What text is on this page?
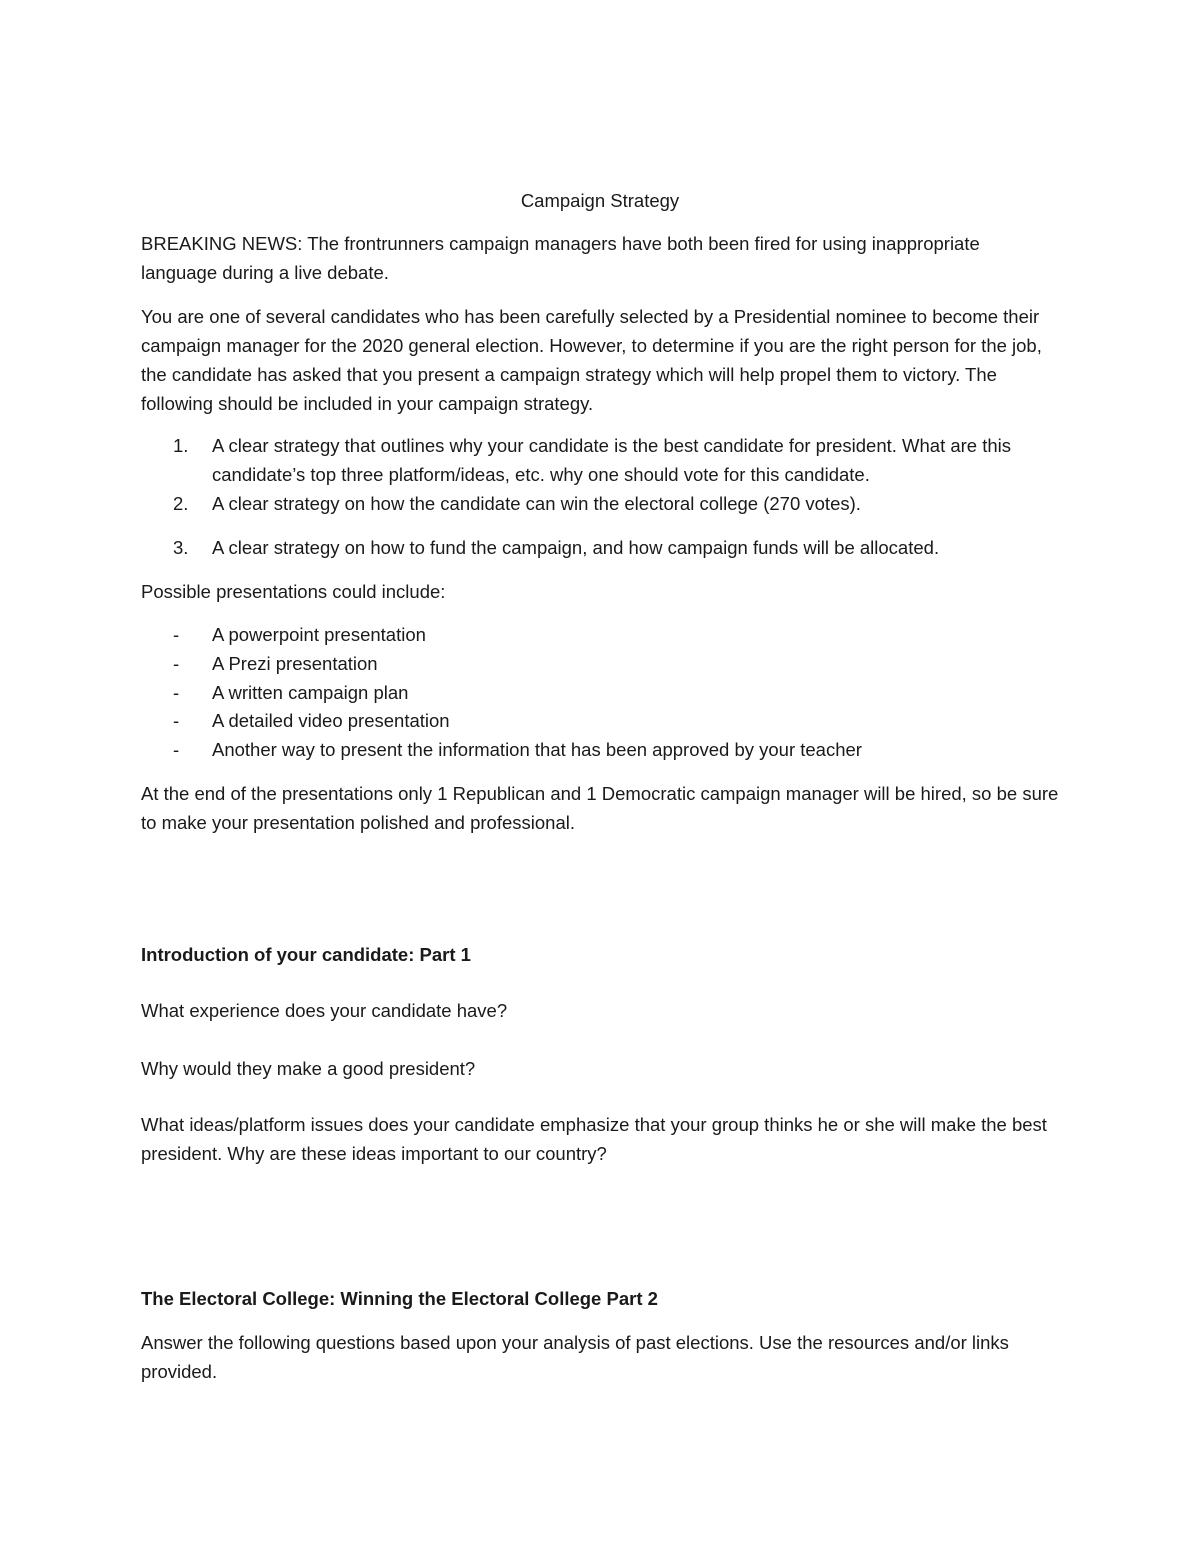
Campaign Strategy

BREAKING NEWS: The frontrunners campaign managers have both been fired for using inappropriate language during a live debate.

You are one of several candidates who has been carefully selected by a Presidential nominee to become their campaign manager for the 2020 general election. However, to determine if you are the right person for the job, the candidate has asked that you present a campaign strategy which will help propel them to victory. The following should be included in your campaign strategy.

1. A clear strategy that outlines why your candidate is the best candidate for president. What are this candidate’s top three platform/ideas, etc. why one should vote for this candidate.
2. A clear strategy on how the candidate can win the electoral college (270 votes).
3. A clear strategy on how to fund the campaign, and how campaign funds will be allocated.

Possible presentations could include:

- A powerpoint presentation
- A Prezi presentation
- A written campaign plan
- A detailed video presentation
- Another way to present the information that has been approved by your teacher

At the end of the presentations only 1 Republican and 1 Democratic campaign manager will be hired, so be sure to make your presentation polished and professional.

Introduction of your candidate: Part 1

What experience does your candidate have?

Why would they make a good president?

What ideas/platform issues does your candidate emphasize that your group thinks he or she will make the best president. Why are these ideas important to our country?

The Electoral College: Winning the Electoral College Part 2

Answer the following questions based upon your analysis of past elections. Use the resources and/or links provided.
